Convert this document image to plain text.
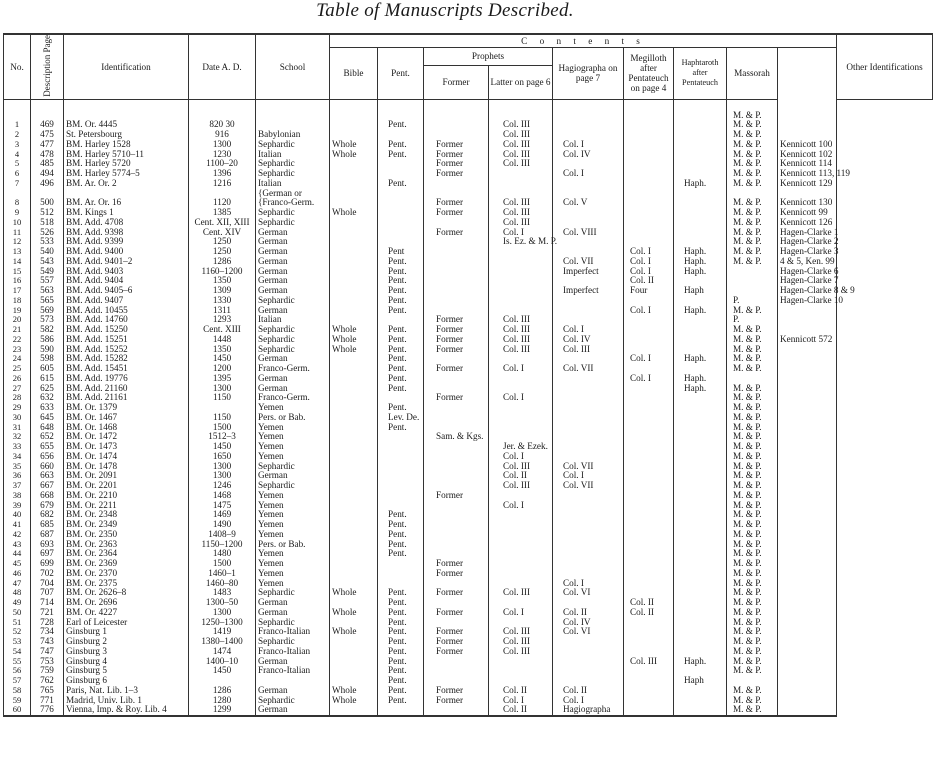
Table of Manuscripts Described.
No.	Description Page	Identification	Date A. D.	School	C o n t e n t s									Other Identifications
					Bible	Pent.	Prophets		Hagiographa on page 7	Megilloth after Pentateuch on page 4	Haphtaroth after Pentateuch	Massorah		
							Former	Latter on page 6						
												M. & P.		
1	469	BM. Or. 4445	820 30			Pent.		Col. III				M. & P.		
2	475	St. Petersbourg	916	Babylonian				Col. III				M. & P.		
3	477	BM. Harley 1528	1300	Sephardic	Whole	Pent.	Former	Col. III	Col. I			M. & P.	Kennicott 100	
4	478	BM. Harley 5710–11	1230	Italian	Whole	Pent.	Former	Col. III	Col. IV			M. & P.	Kennicott 102	
5	485	BM. Harley 5720	1100–20	Sephardic			Former	Col. III				M. & P.	Kennicott 114	
6	494	BM. Harley 5774–5	1396	Sephardic			Former		Col. I			M. & P.	Kennicott 113, 119	
7	496	BM. Ar. Or. 2	1216	Italian		Pent.					Haph.	M. & P.	Kennicott 129	
				{German or										
8	500	BM. Ar. Or. 16	1120	{Franco-Germ.			Former	Col. III	Col. V			M. & P.	Kennicott 130	
9	512	BM. Kings 1	1385	Sephardic	Whole		Former	Col. III				M. & P.	Kennicott 99	
10	518	BM. Add. 4708	Cent. XII, XIII	Sephardic				Col. III				M. & P.	Kennicott 126	
11	526	BM. Add. 9398	Cent. XIV	German			Former	Col. I	Col. VIII			M. & P.	Hagen-Clarke 1	
12	533	BM. Add. 9399	1250	German				Is. Ez. & M. P.				M. & P.	Hagen-Clarke 2	
13	540	BM. Add. 9400	1250	German		Pent				Col. I	Haph.	M. & P.	Hagen-Clarke 3	
14	543	BM. Add. 9401–2	1286	German		Pent.			Col. VII	Col. I	Haph.	M. & P.	4 & 5, Ken. 99	
15	549	BM. Add. 9403	1160–1200	German		Pent.			Imperfect	Col. I	Haph.		Hagen-Clarke 6	
16	557	BM. Add. 9404	1350	German		Pent.				Col. II			Hagen-Clarke 7	
17	563	BM. Add. 9405–6	1309	German		Pent.			Imperfect	Four	Haph		Hagen-Clarke 8 & 9	
18	565	BM. Add. 9407	1330	Sephardic		Pent.						P.	Hagen-Clarke 10	
19	569	BM. Add. 10455	1311	German		Pent.				Col. I	Haph.	M. & P.		
20	573	BM. Add. 14760	1293	Italian			Former	Col. III				P.		
21	582	BM. Add. 15250	Cent. XIII	Sephardic	Whole	Pent.	Former	Col. III	Col. I			M. & P.		
22	586	BM. Add. 15251	1448	Sephardic	Whole	Pent.	Former	Col. III	Col. IV			M. & P.	Kennicott 572	
23	590	BM. Add. 15252	1350	Sephardic	Whole	Pent.	Former	Col. III	Col. III			M. & P.		
24	598	BM. Add. 15282	1450	German		Pent.				Col. I	Haph.	M. & P.		
25	605	BM. Add. 15451	1200	Franco-Germ.		Pent.	Former	Col. I	Col. VII			M. & P.		
26	615	BM. Add. 19776	1395	German		Pent.				Col. I	Haph.			
27	625	BM. Add. 21160	1300	German		Pent.					Haph.	M. & P.		
28	632	BM. Add. 21161	1150	Franco-Germ.			Former	Col. I				M. & P.		
29	633	BM. Or. 1379		Yemen		Pent.						M. & P.		
30	645	BM. Or. 1467	1150	Pers. or Bab.		Lev. De.						M. & P.		
31	648	BM. Or. 1468	1500	Yemen		Pent.						M. & P.		
32	652	BM. Or. 1472	1512–3	Yemen			Sam. & Kgs.					M. & P.		
33	655	BM. Or. 1473	1450	Yemen				Jer. & Ezek.				M. & P.		
34	656	BM. Or. 1474	1650	Yemen				Col. I				M. & P.		
35	660	BM. Or. 1478	1300	Sephardic				Col. III	Col. VII			M. & P.		
36	663	BM. Or. 2091	1300	German				Col. II	Col. I			M. & P.		
37	667	BM. Or. 2201	1246	Sephardic				Col. III	Col. VII			M. & P.		
38	668	BM. Or. 2210	1468	Yemen			Former					M. & P.		
39	679	BM. Or. 2211	1475	Yemen				Col. I				M. & P.		
40	682	BM. Or. 2348	1469	Yemen		Pent.						M. & P.		
41	685	BM. Or. 2349	1490	Yemen		Pent.						M. & P.		
42	687	BM. Or. 2350	1408–9	Yemen		Pent.						M. & P.		
43	693	BM. Or. 2363	1150–1200	Pers. or Bab.		Pent.						M. & P.		
44	697	BM. Or. 2364	1480	Yemen		Pent.						M. & P.		
45	699	BM. Or. 2369	1500	Yemen			Former					M. & P.		
46	702	BM. Or. 2370	1460–1	Yemen			Former					M. & P.		
47	704	BM. Or. 2375	1460–80	Yemen					Col. I			M. & P.		
48	707	BM. Or. 2626–8	1483	Sephardic	Whole	Pent.	Former	Col. III	Col. VI			M. & P.		
49	714	BM. Or. 2696	1300–50	German		Pent.				Col. II		M. & P.		
50	721	BM. Or. 4227	1300	German	Whole	Pent.	Former	Col. I	Col. II	Col. II		M. & P.		
51	728	Earl of Leicester	1250–1300	Sephardic		Pent.			Col. IV			M. & P.		
52	734	Ginsburg 1	1419	Franco-Italian	Whole	Pent.	Former	Col. III	Col. VI			M. & P.		
53	743	Ginsburg 2	1380–1400	Sephardic		Pent.	Former	Col. III				M. & P.		
54	747	Ginsburg 3	1474	Franco-Italian		Pent.	Former	Col. III				M. & P.		
55	753	Ginsburg 4	1400–10	German		Pent.				Col. III	Haph.	M. & P.		
56	759	Ginsburg 5	1450	Franco-Italian		Pent.						M. & P.		
57	762	Ginsburg 6				Pent.					Haph			
58	765	Paris, Nat. Lib. 1–3	1286	German	Whole	Pent.	Former	Col. II	Col. II			M. & P.		
59	771	Madrid, Univ. Lib. 1	1280	Sephardic	Whole	Pent.	Former	Col. I	Col. I			M. & P.		
60	776	Vienna, Imp. & Roy. Lib. 4	1299	German				Col. II	Hagiographa			M. & P.		
